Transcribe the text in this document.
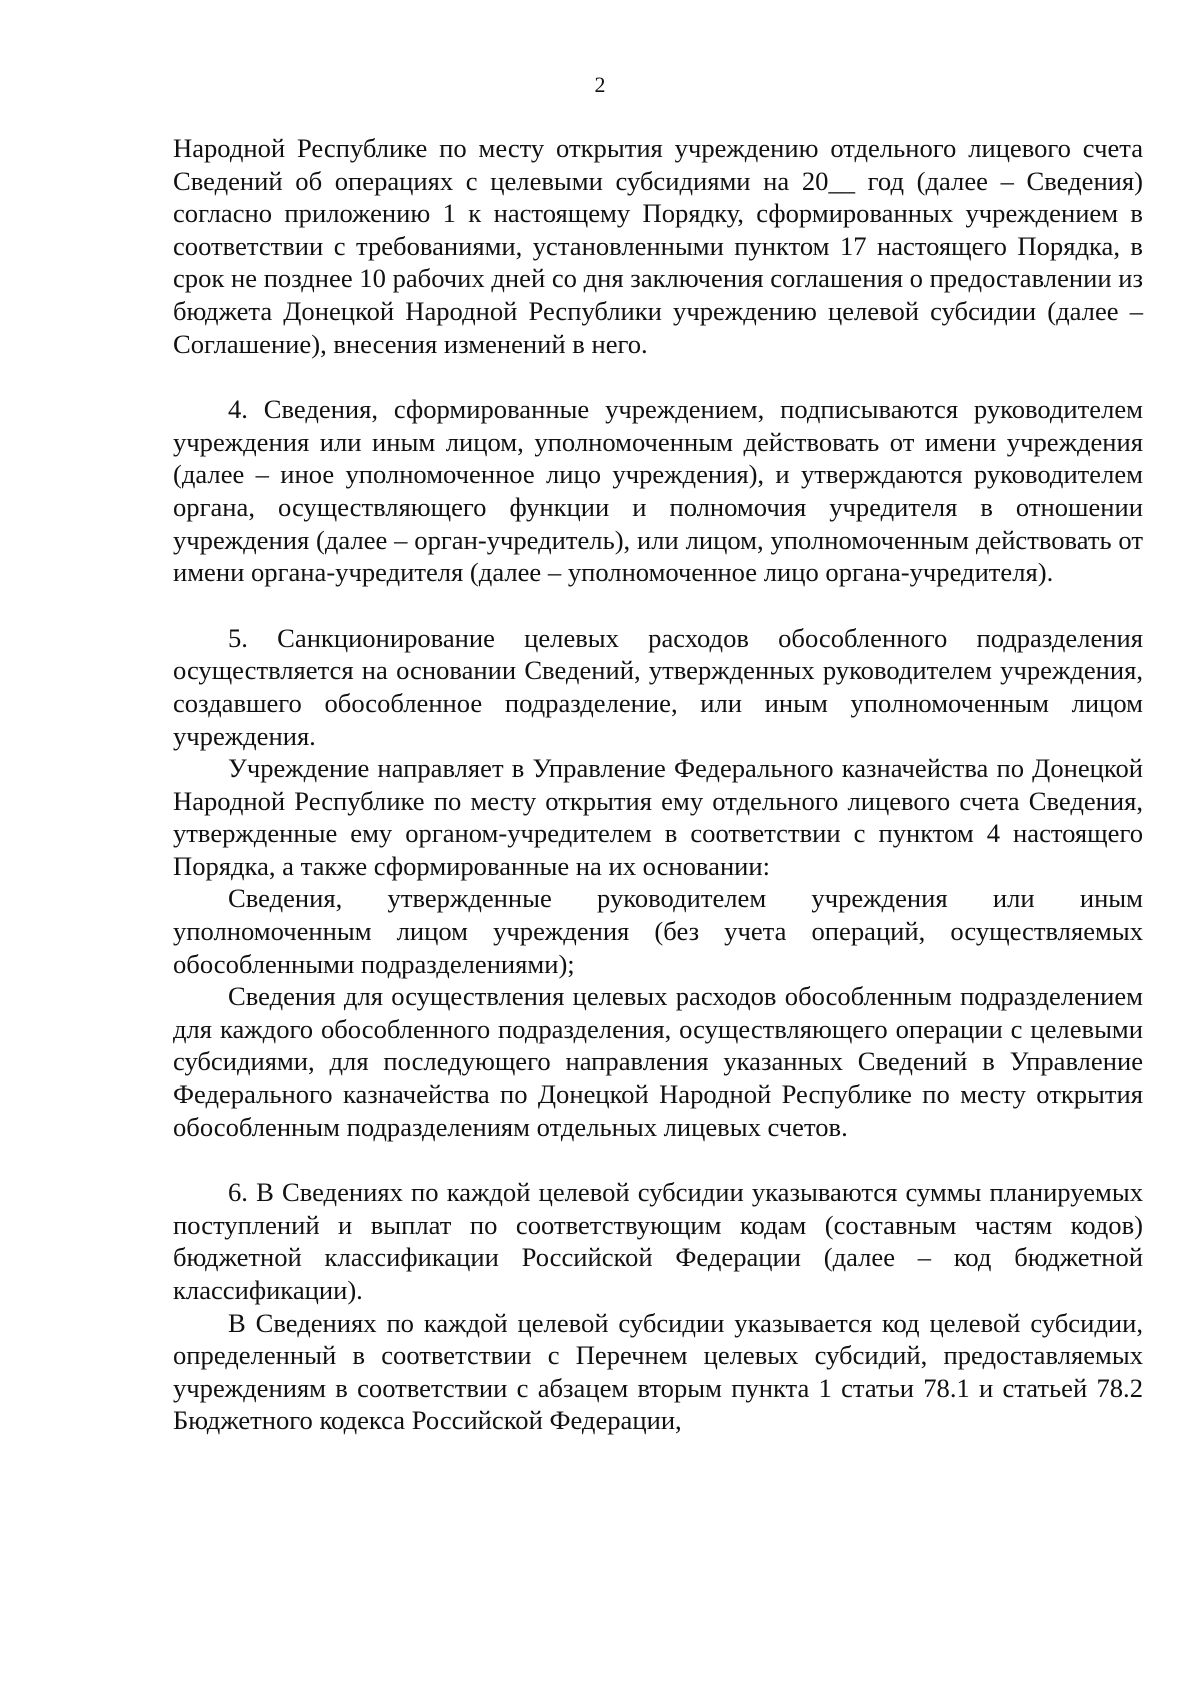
2

Народной Республике по месту открытия учреждению отдельного лицевого счета Сведений об операциях с целевыми субсидиями на 20__ год (далее – Сведения) согласно приложению 1 к настоящему Порядку, сформированных учреждением в соответствии с требованиями, установленными пунктом 17 настоящего Порядка, в срок не позднее 10 рабочих дней со дня заключения соглашения о предоставлении из бюджета Донецкой Народной Республики учреждению целевой субсидии (далее – Соглашение), внесения изменений в него.

4. Сведения, сформированные учреждением, подписываются руководителем учреждения или иным лицом, уполномоченным действовать от имени учреждения (далее – иное уполномоченное лицо учреждения), и утверждаются руководителем органа, осуществляющего функции и полномочия учредителя в отношении учреждения (далее – орган-учредитель), или лицом, уполномоченным действовать от имени органа-учредителя (далее – уполномоченное лицо органа-учредителя).

5. Санкционирование целевых расходов обособленного подразделения осуществляется на основании Сведений, утвержденных руководителем учреждения, создавшего обособленное подразделение, или иным уполномоченным лицом учреждения.

Учреждение направляет в Управление Федерального казначейства по Донецкой Народной Республике по месту открытия ему отдельного лицевого счета Сведения, утвержденные ему органом-учредителем в соответствии с пунктом 4 настоящего Порядка, а также сформированные на их основании:

Сведения, утвержденные руководителем учреждения или иным уполномоченным лицом учреждения (без учета операций, осуществляемых обособленными подразделениями);

Сведения для осуществления целевых расходов обособленным подразделением для каждого обособленного подразделения, осуществляющего операции с целевыми субсидиями, для последующего направления указанных Сведений в Управление Федерального казначейства по Донецкой Народной Республике по месту открытия обособленным подразделениям отдельных лицевых счетов.

6. В Сведениях по каждой целевой субсидии указываются суммы планируемых поступлений и выплат по соответствующим кодам (составным частям кодов) бюджетной классификации Российской Федерации (далее – код бюджетной классификации).

В Сведениях по каждой целевой субсидии указывается код целевой субсидии, определенный в соответствии с Перечнем целевых субсидий, предоставляемых учреждениям в соответствии с абзацем вторым пункта 1 статьи 78.1 и статьей 78.2 Бюджетного кодекса Российской Федерации,
